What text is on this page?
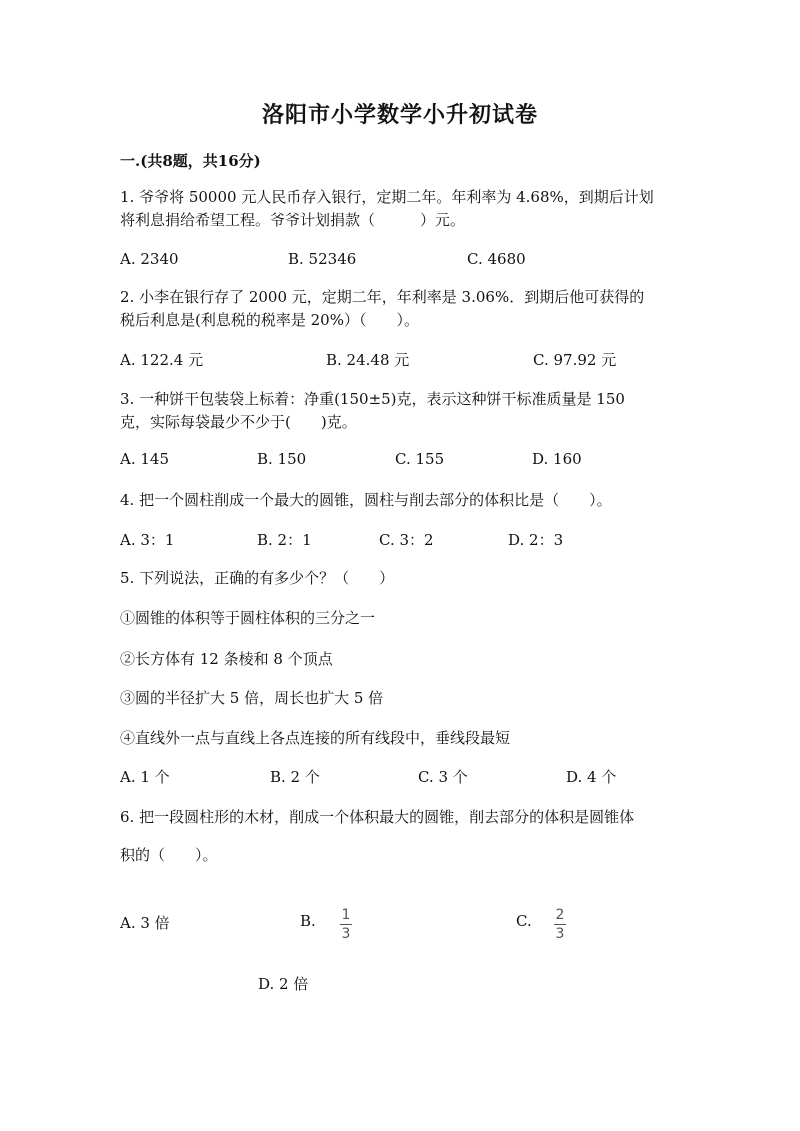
洛阳市小学数学小升初试卷
一.(共8题，共16分)
1. 爷爷将 50000 元人民币存入银行，定期二年。年利率为 4.68%，到期后计划
将利息捐给希望工程。爷爷计划捐款（　　　）元。
A. 2340	B. 52346	C. 4680
2. 小李在银行存了 2000 元，定期二年，年利率是 3.06%．到期后他可获得的
税后利息是(利息税的税率是 20%）（　　）。
A. 122.4 元	B. 24.48 元	C. 97.92 元
3. 一种饼干包装袋上标着：净重(150±5)克，表示这种饼干标准质量是 150
克，实际每袋最少不少于(　　)克。
A. 145	B. 150	C. 155	D. 160
4. 把一个圆柱削成一个最大的圆锥，圆柱与削去部分的体积比是（　　）。
A. 3：1	B. 2：1	C. 3：2	D. 2：3
5. 下列说法，正确的有多少个？（　　）
①圆锥的体积等于圆柱体积的三分之一
②长方体有 12 条棱和 8 个顶点
③圆的半径扩大 5 倍，周长也扩大 5 倍
④直线外一点与直线上各点连接的所有线段中，垂线段最短
A. 1 个	B. 2 个	C. 3 个	D. 4 个
6. 把一段圆柱形的木材，削成一个体积最大的圆锥，削去部分的体积是圆锥体
积的（　　）。
A. 3 倍	B. 1
3
C. 2
3
D. 2 倍
